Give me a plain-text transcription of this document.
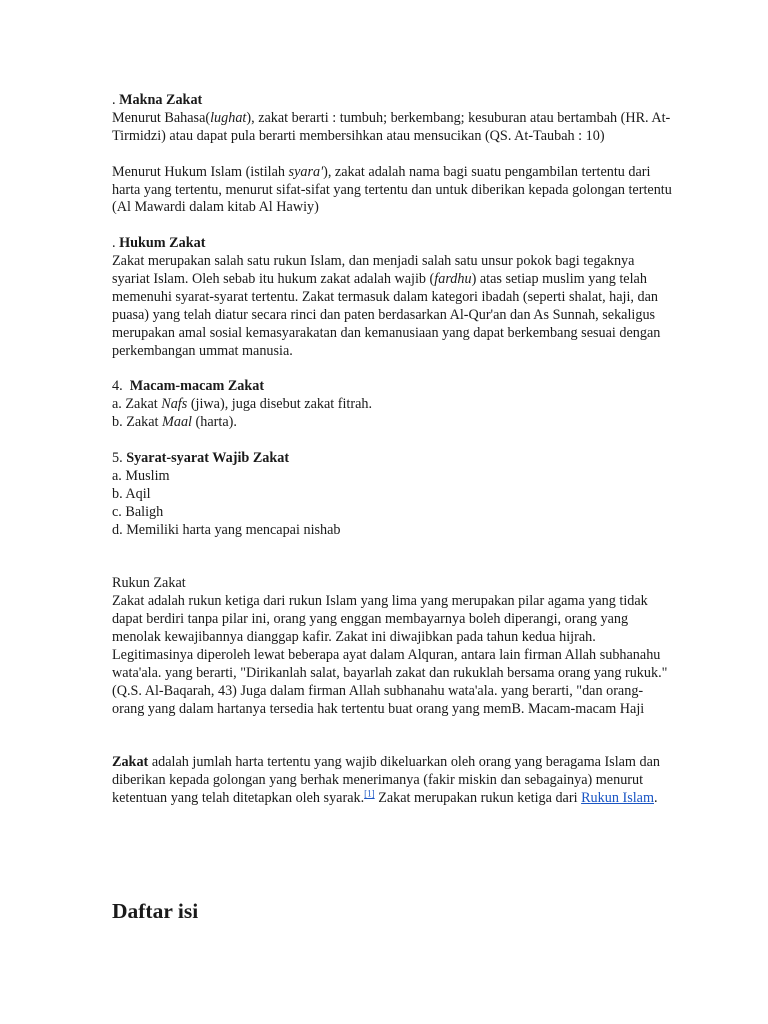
. Makna Zakat

Menurut Bahasa(lughat), zakat berarti : tumbuh; berkembang; kesuburan atau bertambah (HR. At-Tirmidzi) atau dapat pula berarti membersihkan atau mensucikan (QS. At-Taubah : 10)

Menurut Hukum Islam (istilah syara'), zakat adalah nama bagi suatu pengambilan tertentu dari harta yang tertentu, menurut sifat-sifat yang tertentu dan untuk diberikan kepada golongan tertentu (Al Mawardi dalam kitab Al Hawiy)

. Hukum Zakat

Zakat merupakan salah satu rukun Islam, dan menjadi salah satu unsur pokok bagi tegaknya syariat Islam. Oleh sebab itu hukum zakat adalah wajib (fardhu) atas setiap muslim yang telah memenuhi syarat-syarat tertentu. Zakat termasuk dalam kategori ibadah (seperti shalat, haji, dan puasa) yang telah diatur secara rinci dan paten berdasarkan Al-Qur'an dan As Sunnah, sekaligus merupakan amal sosial kemasyarakatan dan kemanusiaan yang dapat berkembang sesuai dengan perkembangan ummat manusia.

4.  Macam-macam Zakat

a. Zakat Nafs (jiwa), juga disebut zakat fitrah.

b. Zakat Maal (harta).

5. Syarat-syarat Wajib Zakat

a. Muslim

b. Aqil

c. Baligh

d. Memiliki harta yang mencapai nishab

Rukun Zakat

Zakat adalah rukun ketiga dari rukun Islam yang lima yang merupakan pilar agama yang tidak dapat berdiri tanpa pilar ini, orang yang enggan membayarnya boleh diperangi, orang yang menolak kewajibannya dianggap kafir. Zakat ini diwajibkan pada tahun kedua hijrah.

Legitimasinya diperoleh lewat beberapa ayat dalam Alquran, antara lain firman Allah subhanahu wata'ala. yang berarti, "Dirikanlah salat, bayarlah zakat dan rukuklah bersama orang yang rukuk." (Q.S. Al-Baqarah, 43) Juga dalam firman Allah subhanahu wata'ala. yang berarti, "dan orang-orang yang dalam hartanya tersedia hak tertentu buat orang yang memB. Macam-macam Haji

Zakat adalah jumlah harta tertentu yang wajib dikeluarkan oleh orang yang beragama Islam dan diberikan kepada golongan yang berhak menerimanya (fakir miskin dan sebagainya) menurut ketentuan yang telah ditetapkan oleh syarak.[1] Zakat merupakan rukun ketiga dari Rukun Islam.

Daftar isi
